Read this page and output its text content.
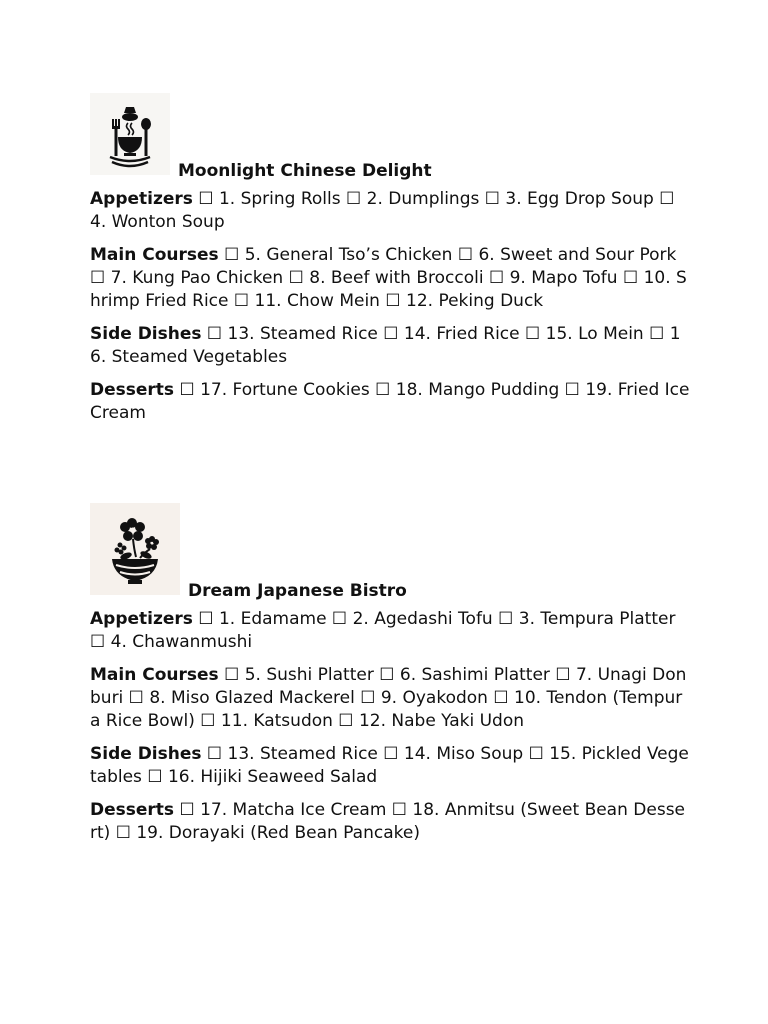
Moonlight Chinese Delight

Appetizers ☐ 1. Spring Rolls ☐ 2. Dumplings ☐ 3. Egg Drop Soup ☐ 4. Wonton Soup

Main Courses ☐ 5. General Tso’s Chicken ☐ 6. Sweet and Sour Pork ☐ 7. Kung Pao Chicken ☐ 8. Beef with Broccoli ☐ 9. Mapo Tofu ☐ 10. Shrimp Fried Rice ☐ 11. Chow Mein ☐ 12. Peking Duck

Side Dishes ☐ 13. Steamed Rice ☐ 14. Fried Rice ☐ 15. Lo Mein ☐ 16. Steamed Vegetables

Desserts ☐ 17. Fortune Cookies ☐ 18. Mango Pudding ☐ 19. Fried Ice Cream

Dream Japanese Bistro

Appetizers ☐ 1. Edamame ☐ 2. Agedashi Tofu ☐ 3. Tempura Platter ☐ 4. Chawanmushi

Main Courses ☐ 5. Sushi Platter ☐ 6. Sashimi Platter ☐ 7. Unagi Donburi ☐ 8. Miso Glazed Mackerel ☐ 9. Oyakodon ☐ 10. Tendon (Tempura Rice Bowl) ☐ 11. Katsudon ☐ 12. Nabe Yaki Udon

Side Dishes ☐ 13. Steamed Rice ☐ 14. Miso Soup ☐ 15. Pickled Vegetables ☐ 16. Hijiki Seaweed Salad

Desserts ☐ 17. Matcha Ice Cream ☐ 18. Anmitsu (Sweet Bean Dessert) ☐ 19. Dorayaki (Red Bean Pancake)
